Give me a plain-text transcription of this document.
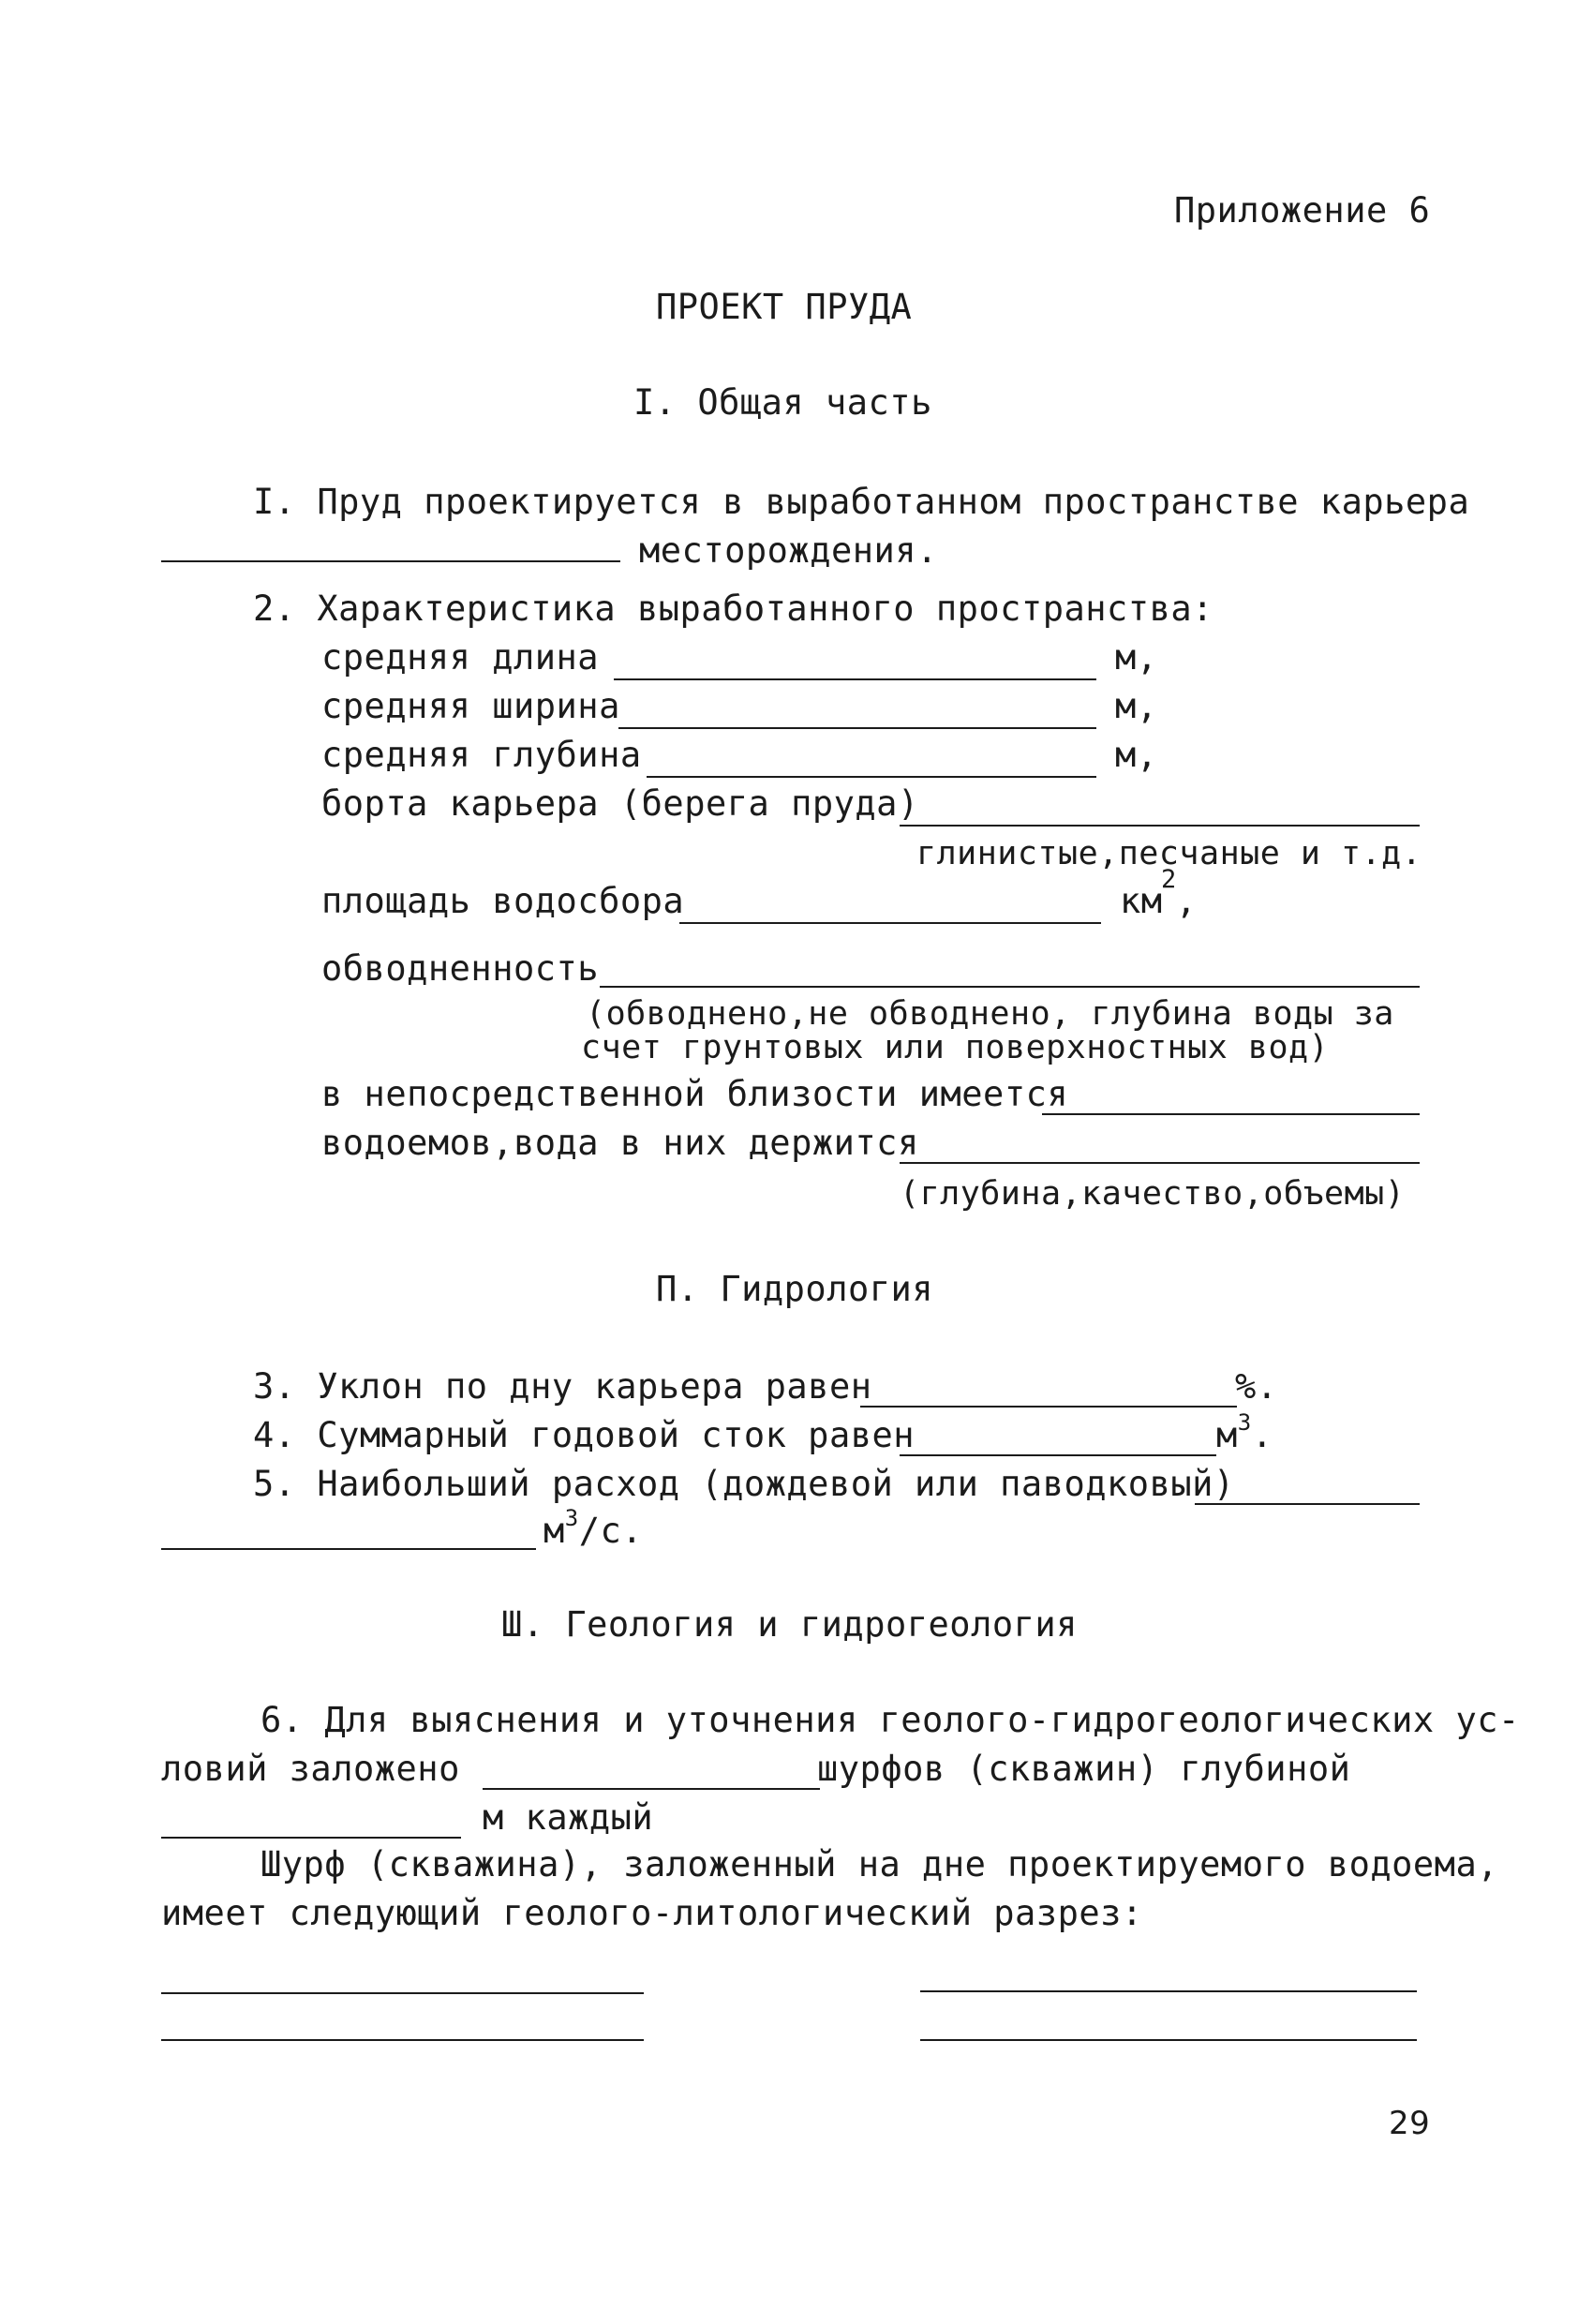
Приложение 6
ПРОЕКТ ПРУДА
I. Общая часть
I. Пруд проектируется в выработанном пространстве карьера
месторождения.
2. Характеристика выработанного пространства:
средняя длина	м,
средняя ширина	м,
средняя глубина	м,
борта карьера (берега пруда)
глинистые,песчаные и т.д.
площадь водосбора	км
2
,
обводненность
(обводнено,не обводнено, глубина воды за
счет грунтовых или поверхностных вод)
в непосредственной близости имеется
водоемов,вода в них держится
(глубина,качество,объемы)
П. Гидрология
3. Уклон по дну карьера равен	%.
4. Суммарный годовой сток равен	$м^3$.
5. Наибольший расход (дождевой или паводковый)
$м^3/с$.
Ш. Геология и гидрогеология
6. Для выяснения и уточнения геолого-гидрогеологических ус-
ловий заложено	шурфов (скважин) глубиной
м каждый
Шурф (скважина), заложенный на дне проектируемого водоема,
имеет следующий геолого-литологический разрез:
29
